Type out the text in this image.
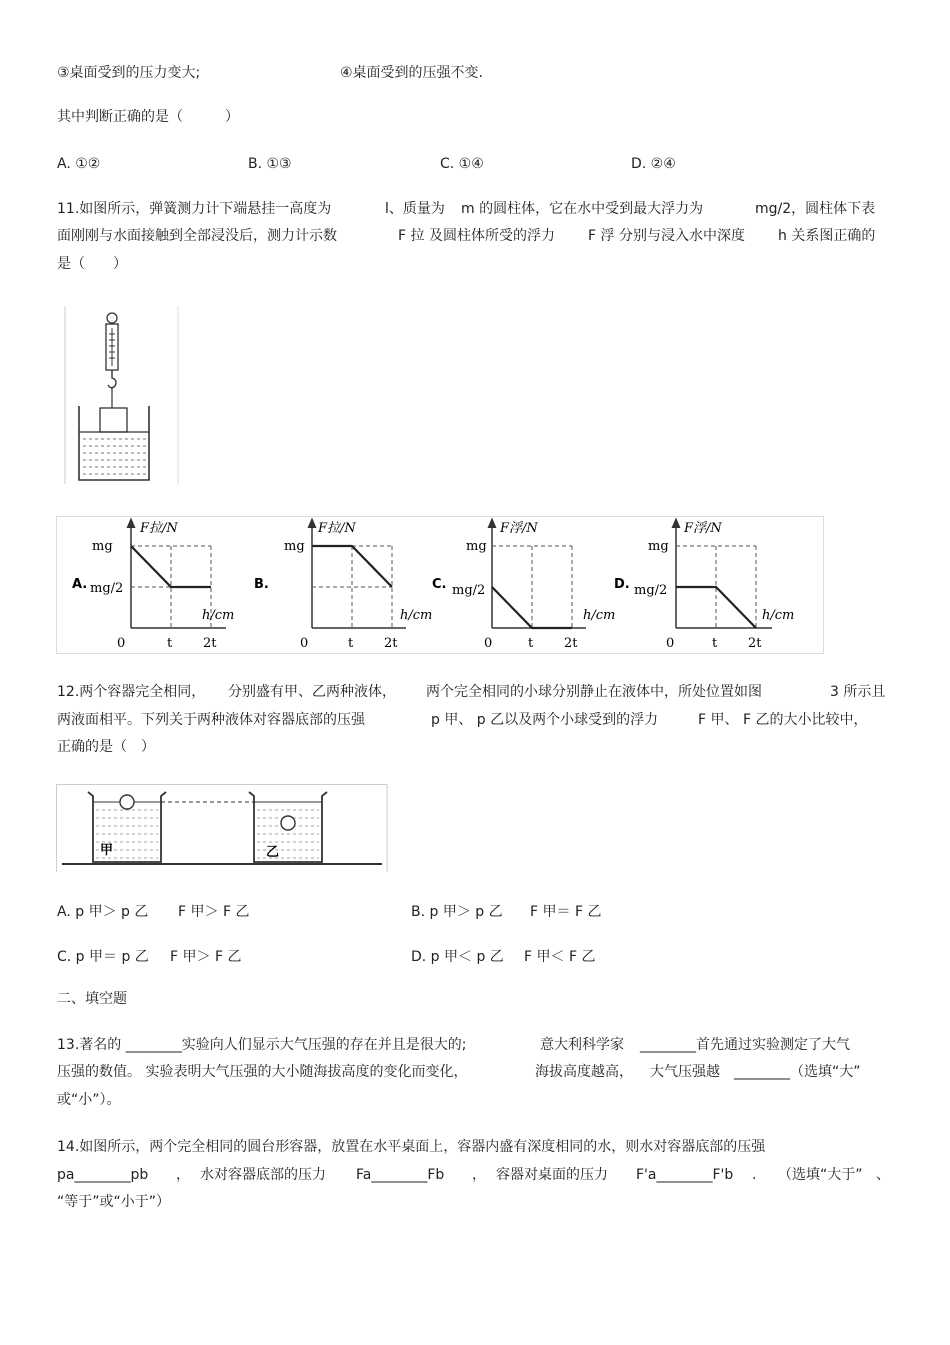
③桌面受到的压力变大;	④桌面受到的压强不变.
其中判断正确的是（　　　）
A. ①②	B. ①③	C. ①④	D. ②④
11.如图所示，弹簧测力计下端悬挂一高度为	l、质量为 m 的圆柱体，它在水中受到最大浮力为	mg/2，圆柱体下表
面刚刚与水面接触到全部浸没后，测力计示数	F 拉 及圆柱体所受的浮力 F 浮 分别与浸入水中深度 h 关系图正确的
是（　　）
A.
F拉/N
mg
mg/2
h/cm
0	t 2t
B.
F拉/N
mg
h/cm
0	t 2t
C.
F浮/N
mg
mg/2
h/cm
0	t 2t
D.
F浮/N
mg
mg/2
h/cm
0	t 2t
12.两个容器完全相同， 分别盛有甲、乙两种液体， 两个完全相同的小球分别静止在液体中，所处位置如图	3 所示且
两液面相平。下列关于两种液体对容器底部的压强	p 甲、 p 乙以及两个小球受到的浮力	F 甲、 F 乙的大小比较中，
正确的是（　）
甲	乙
A. p 甲＞ p 乙 F 甲＞ F 乙	B. p 甲＞ p 乙 F 甲＝ F 乙
C. p 甲＝ p 乙 F 甲＞ F 乙	D. p 甲＜ p 乙 F 甲＜ F 乙
二、填空题
13.著名的 ________实验向人们显示大气压强的存在并且是很大的;	意大利科学家 ________首先通过实验测定了大气
压强的数值。 实验表明大气压强的大小随海拔高度的变化而变化，	海拔高度越高， 大气压强越 ________（选填“大”
或“小”）。
14.如图所示，两个完全相同的圆台形容器，放置在水平桌面上，容器内盛有深度相同的水，则水对容器底部的压强
pa________pb ， 水对容器底部的压力 Fa________Fb ， 容器对桌面的压力 F'a________F'b . （选填“大于” 、
“等于”或“小于”）
